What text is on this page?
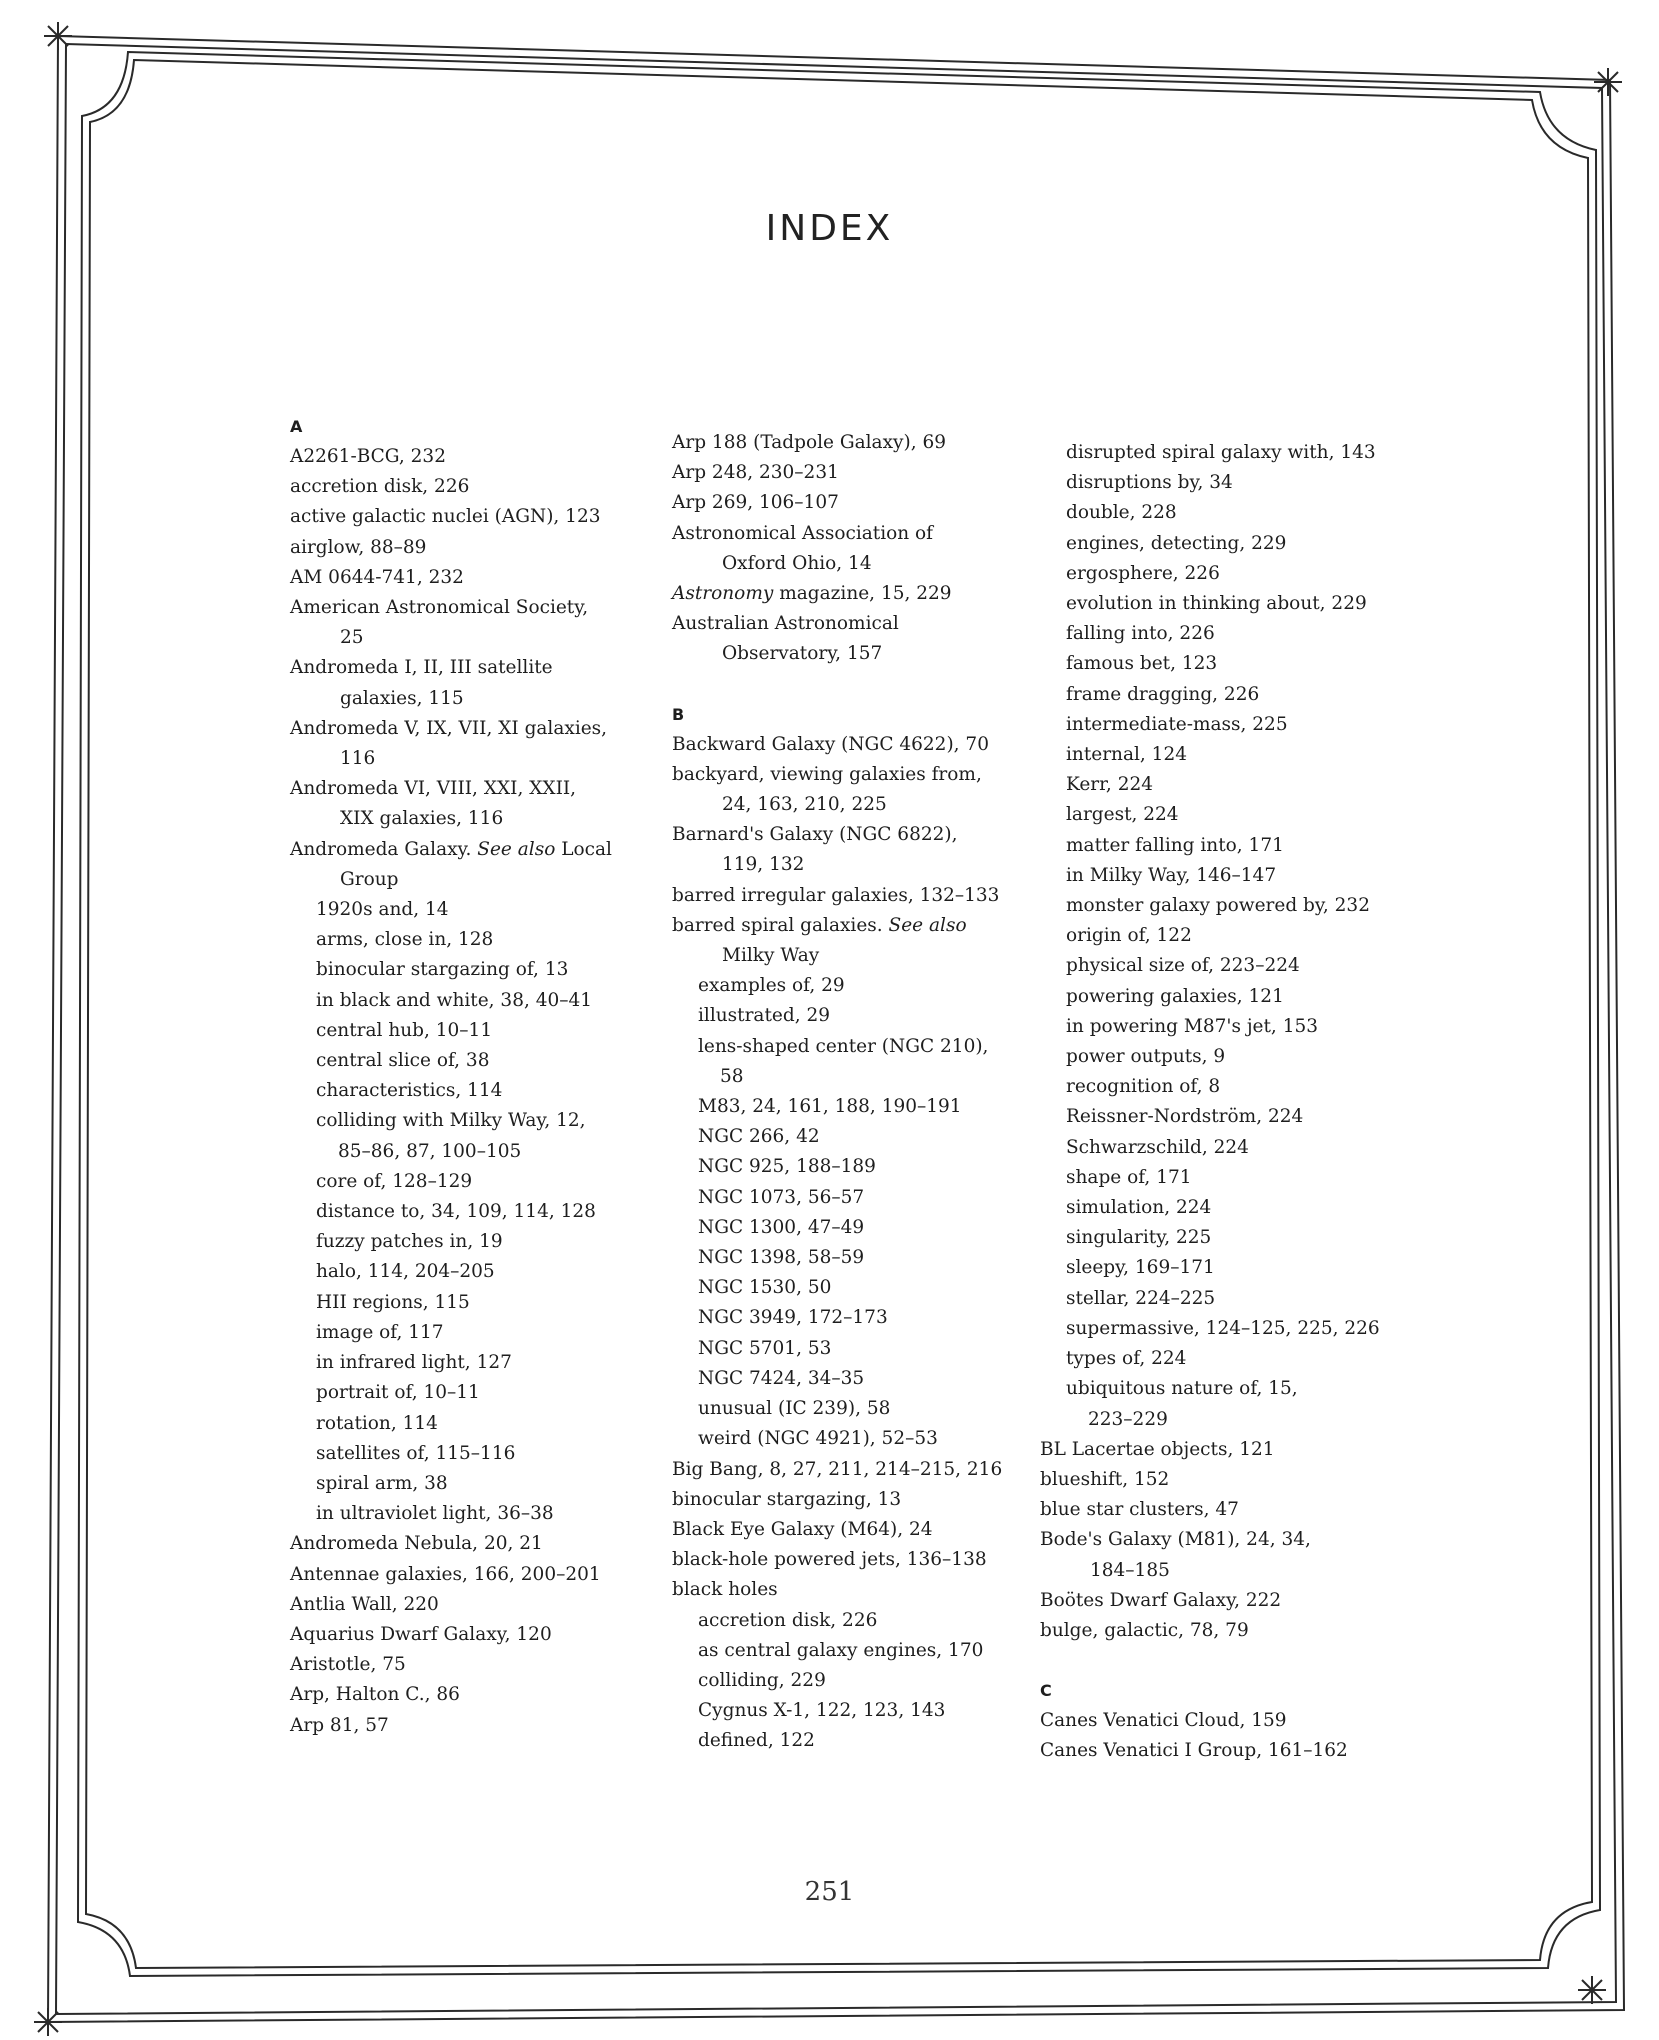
INDEX
A
A2261-BCG, 232
accretion disk, 226
active galactic nuclei (AGN), 123
airglow, 88–89
AM 0644-741, 232
American Astronomical Society,
25
Andromeda I, II, III satellite
galaxies, 115
Andromeda V, IX, VII, XI galaxies,
116
Andromeda VI, VIII, XXI, XXII,
XIX galaxies, 116
Andromeda Galaxy. See also Local
Group
1920s and, 14
arms, close in, 128
binocular stargazing of, 13
in black and white, 38, 40–41
central hub, 10–11
central slice of, 38
characteristics, 114
colliding with Milky Way, 12,
85–86, 87, 100–105
core of, 128–129
distance to, 34, 109, 114, 128
fuzzy patches in, 19
halo, 114, 204–205
HII regions, 115
image of, 117
in infrared light, 127
portrait of, 10–11
rotation, 114
satellites of, 115–116
spiral arm, 38
in ultraviolet light, 36–38
Andromeda Nebula, 20, 21
Antennae galaxies, 166, 200–201
Antlia Wall, 220
Aquarius Dwarf Galaxy, 120
Aristotle, 75
Arp, Halton C., 86
Arp 81, 57
Arp 188 (Tadpole Galaxy), 69
Arp 248, 230–231
Arp 269, 106–107
Astronomical Association of
Oxford Ohio, 14
Astronomy magazine, 15, 229
Australian Astronomical
Observatory, 157
B
Backward Galaxy (NGC 4622), 70
backyard, viewing galaxies from,
24, 163, 210, 225
Barnard's Galaxy (NGC 6822),
119, 132
barred irregular galaxies, 132–133
barred spiral galaxies. See also
Milky Way
examples of, 29
illustrated, 29
lens-shaped center (NGC 210),
58
M83, 24, 161, 188, 190–191
NGC 266, 42
NGC 925, 188–189
NGC 1073, 56–57
NGC 1300, 47–49
NGC 1398, 58–59
NGC 1530, 50
NGC 3949, 172–173
NGC 5701, 53
NGC 7424, 34–35
unusual (IC 239), 58
weird (NGC 4921), 52–53
Big Bang, 8, 27, 211, 214–215, 216
binocular stargazing, 13
Black Eye Galaxy (M64), 24
black-hole powered jets, 136–138
black holes
accretion disk, 226
as central galaxy engines, 170
colliding, 229
Cygnus X-1, 122, 123, 143
defined, 122
disrupted spiral galaxy with, 143
disruptions by, 34
double, 228
engines, detecting, 229
ergosphere, 226
evolution in thinking about, 229
falling into, 226
famous bet, 123
frame dragging, 226
intermediate-mass, 225
internal, 124
Kerr, 224
largest, 224
matter falling into, 171
in Milky Way, 146–147
monster galaxy powered by, 232
origin of, 122
physical size of, 223–224
powering galaxies, 121
in powering M87's jet, 153
power outputs, 9
recognition of, 8
Reissner-Nordström, 224
Schwarzschild, 224
shape of, 171
simulation, 224
singularity, 225
sleepy, 169–171
stellar, 224–225
supermassive, 124–125, 225, 226
types of, 224
ubiquitous nature of, 15,
223–229
BL Lacertae objects, 121
blueshift, 152
blue star clusters, 47
Bode's Galaxy (M81), 24, 34,
184–185
Boötes Dwarf Galaxy, 222
bulge, galactic, 78, 79
C
Canes Venatici Cloud, 159
Canes Venatici I Group, 161–162
251
